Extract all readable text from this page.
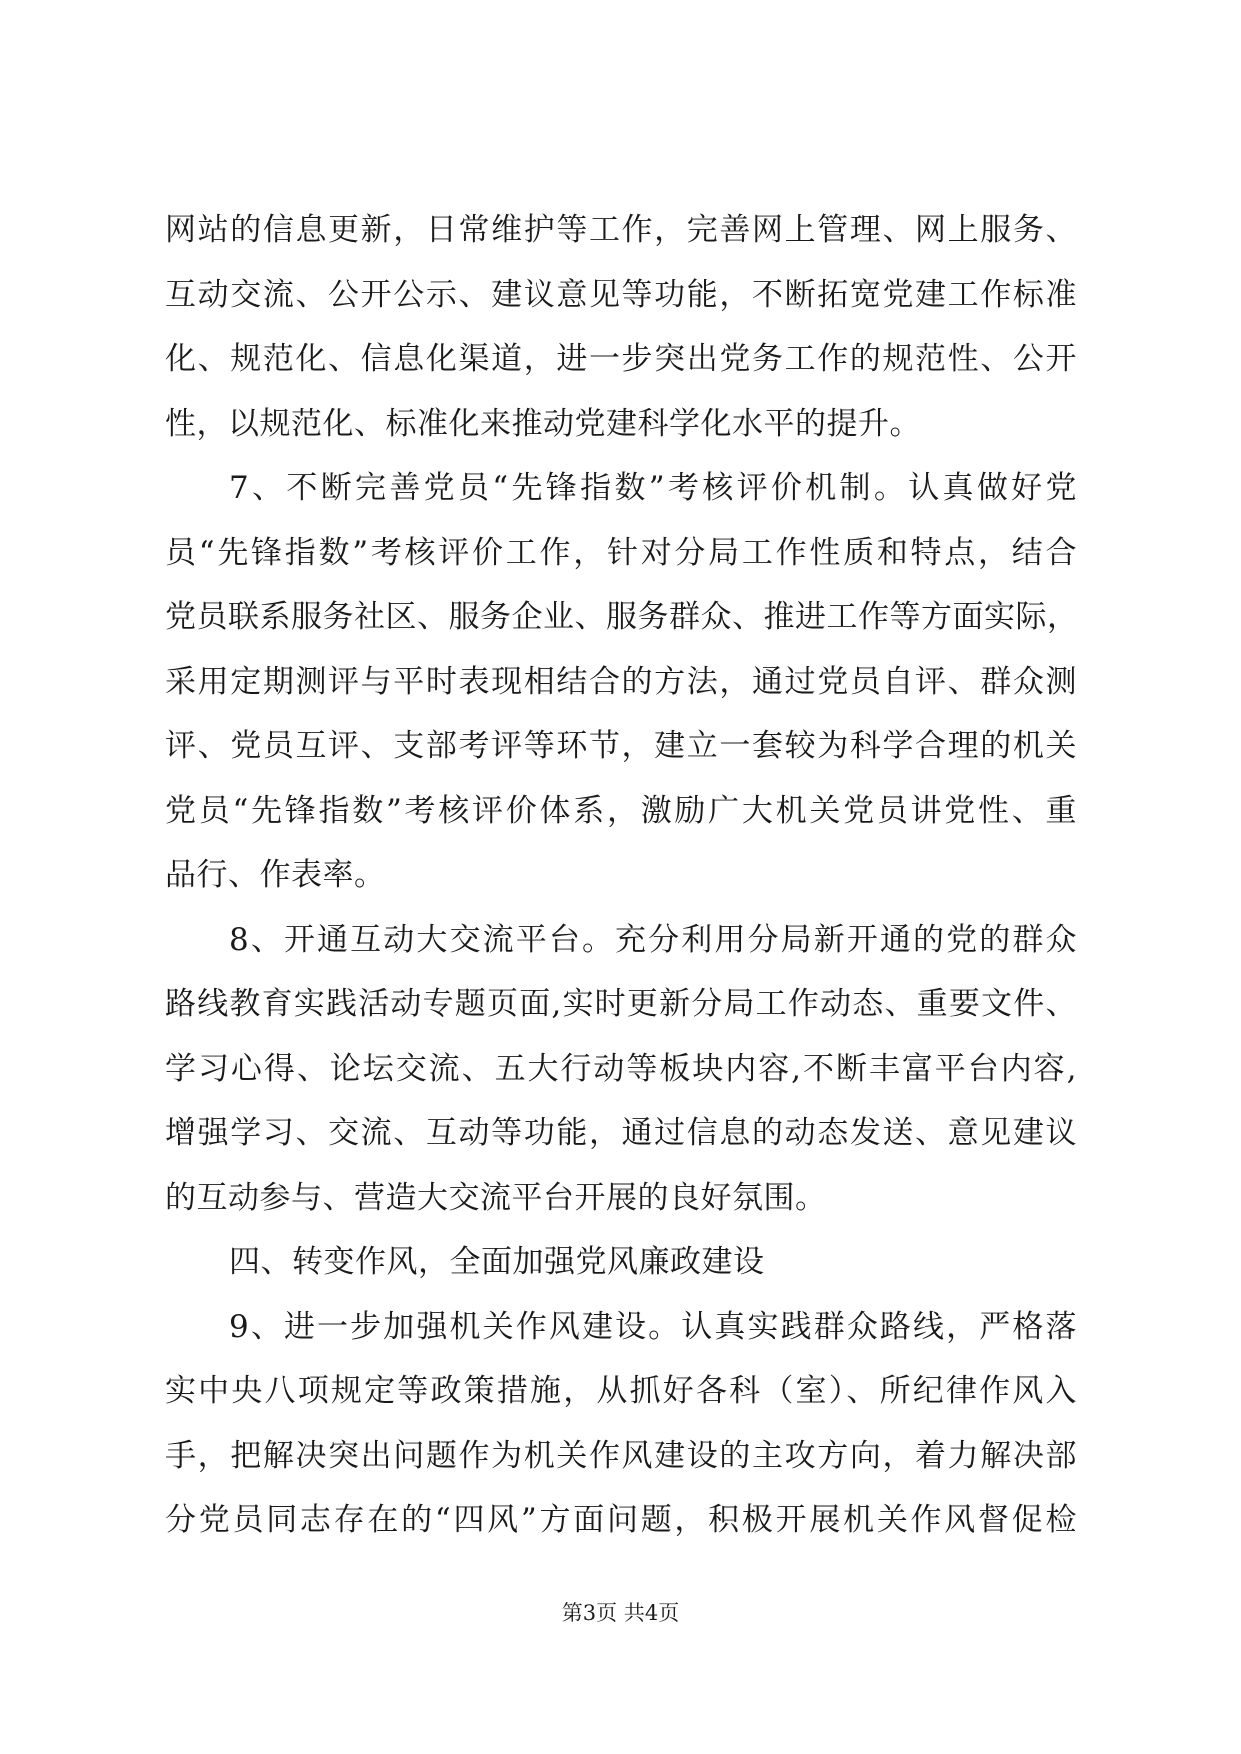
网站的信息更新，日常维护等工作，完善网上管理、网上服务、
互动交流、公开公示、建议意见等功能，不断拓宽党建工作标准
化、规范化、信息化渠道，进一步突出党务工作的规范性、公开
性，以规范化、标准化来推动党建科学化水平的提升。
7、不断完善党员“先锋指数”考核评价机制。认真做好党
员“先锋指数”考核评价工作，针对分局工作性质和特点，结合
党员联系服务社区、服务企业、服务群众、推进工作等方面实际，
采用定期测评与平时表现相结合的方法，通过党员自评、群众测
评、党员互评、支部考评等环节，建立一套较为科学合理的机关
党员“先锋指数”考核评价体系，激励广大机关党员讲党性、重
品行、作表率。
8、开通互动大交流平台。充分利用分局新开通的党的群众
路线教育实践活动专题页面,实时更新分局工作动态、重要文件、
学习心得、论坛交流、五大行动等板块内容,不断丰富平台内容,
增强学习、交流、互动等功能，通过信息的动态发送、意见建议
的互动参与、营造大交流平台开展的良好氛围。
四、转变作风，全面加强党风廉政建设
9、进一步加强机关作风建设。认真实践群众路线，严格落
实中央八项规定等政策措施，从抓好各科（室）、所纪律作风入
手，把解决突出问题作为机关作风建设的主攻方向，着力解决部
分党员同志存在的“四风”方面问题，积极开展机关作风督促检
第3页 共4页
